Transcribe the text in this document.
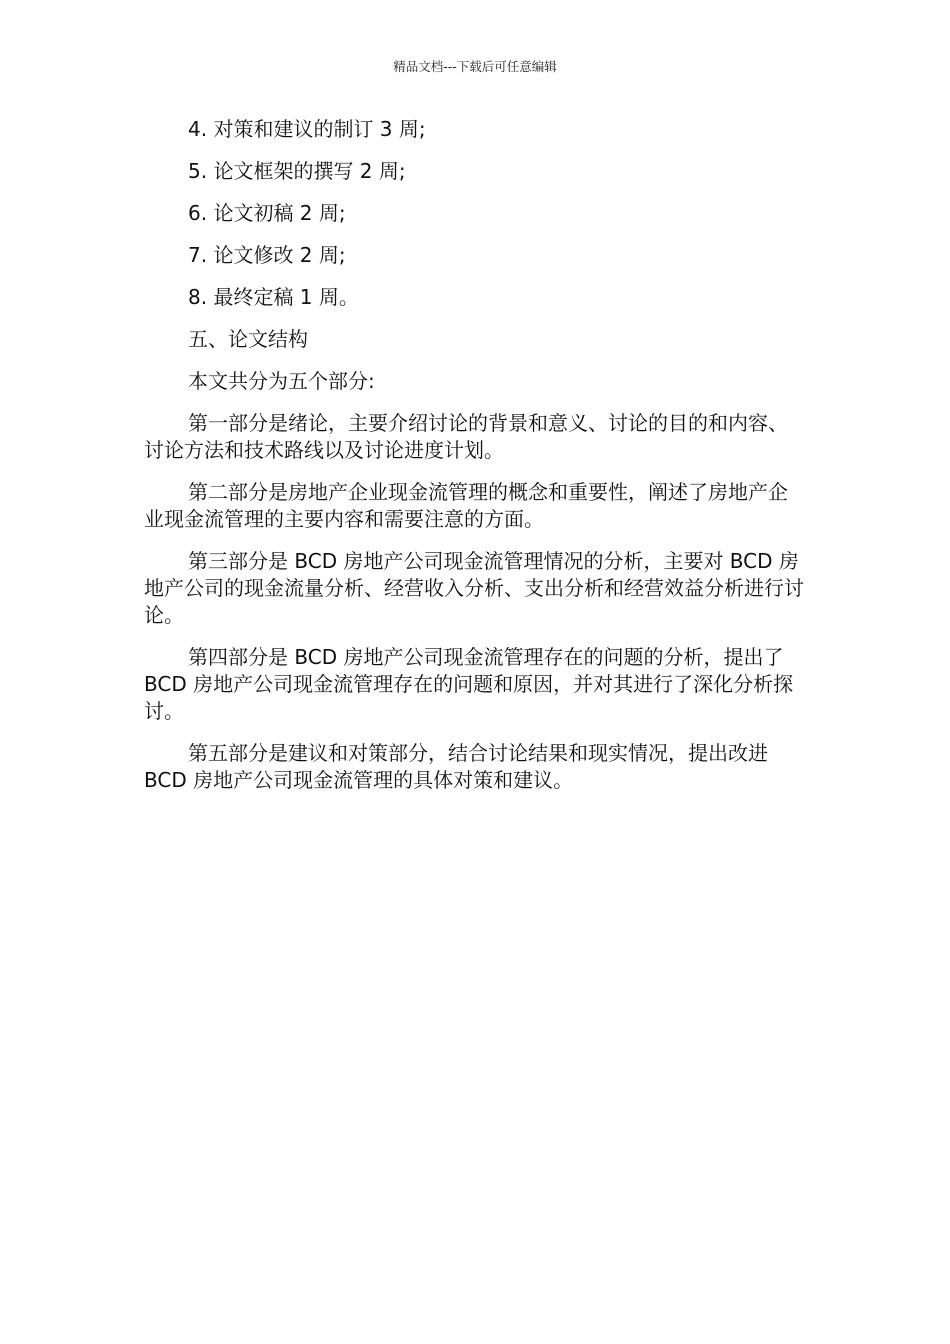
精品文档---下载后可任意编辑

4. 对策和建议的制订 3 周;

5. 论文框架的撰写 2 周;

6. 论文初稿 2 周;

7. 论文修改 2 周;

8. 最终定稿 1 周。

五、论文结构

本文共分为五个部分:

第一部分是绪论，主要介绍讨论的背景和意义、讨论的目的和内容、讨论方法和技术路线以及讨论进度计划。

第二部分是房地产企业现金流管理的概念和重要性，阐述了房地产企业现金流管理的主要内容和需要注意的方面。

第三部分是 BCD 房地产公司现金流管理情况的分析，主要对 BCD 房地产公司的现金流量分析、经营收入分析、支出分析和经营效益分析进行讨论。

第四部分是 BCD 房地产公司现金流管理存在的问题的分析，提出了 BCD 房地产公司现金流管理存在的问题和原因，并对其进行了深化分析探讨。

第五部分是建议和对策部分，结合讨论结果和现实情况，提出改进 BCD 房地产公司现金流管理的具体对策和建议。
